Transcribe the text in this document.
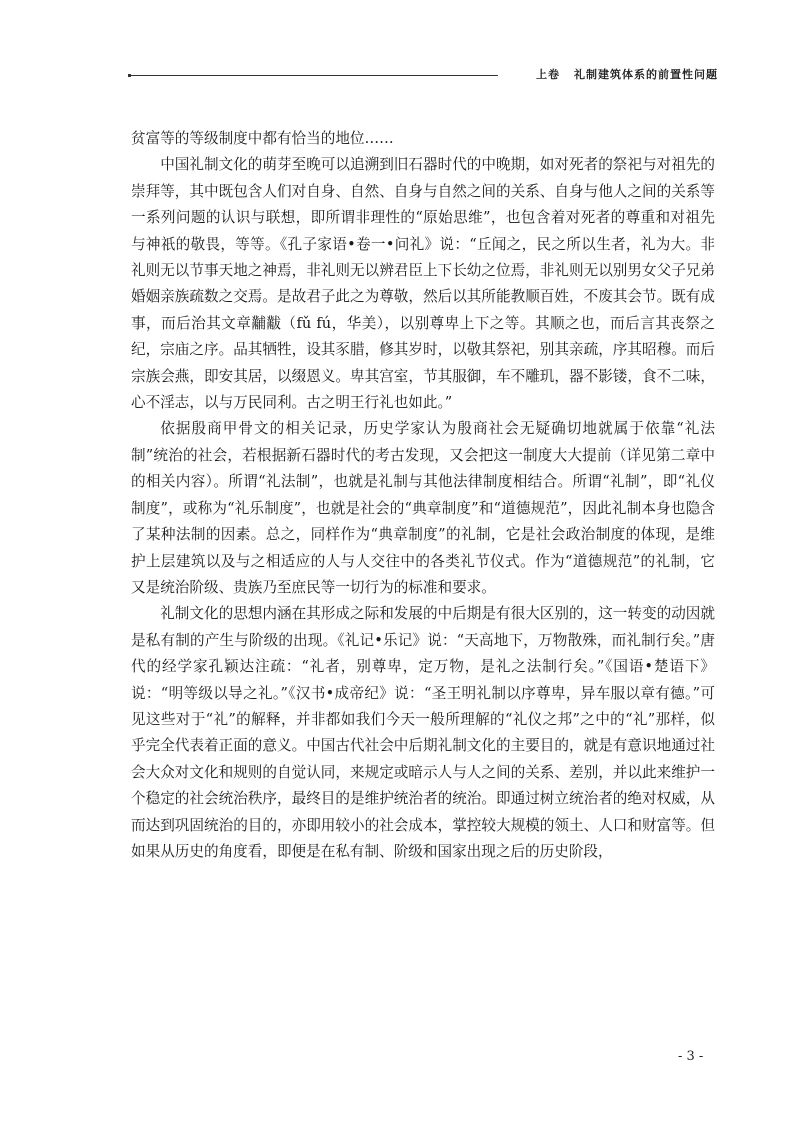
上卷 礼制建筑体系的前置性问题

贫富等的等级制度中都有恰当的地位……

中国礼制文化的萌芽至晚可以追溯到旧石器时代的中晚期，如对死者的祭祀与对祖先的崇拜等，其中既包含人们对自身、自然、自身与自然之间的关系、自身与他人之间的关系等一系列问题的认识与联想，即所谓非理性的“原始思维”，也包含着对死者的尊重和对祖先与神祇的敬畏，等等。《孔子家语•卷一•问礼》说：“丘闻之，民之所以生者，礼为大。非礼则无以节事天地之神焉，非礼则无以辨君臣上下长幼之位焉，非礼则无以别男女父子兄弟婚姻亲族疏数之交焉。是故君子此之为尊敬，然后以其所能教顺百姓，不废其会节。既有成事，而后治其文章黼黻（fǔ fú，华美），以别尊卑上下之等。其顺之也，而后言其丧祭之纪，宗庙之序。品其牺牲，设其豕腊，修其岁时，以敬其祭祀，别其亲疏，序其昭穆。而后宗族会燕，即安其居，以缀恩义。卑其宫室，节其服御，车不雕玑，器不影镂，食不二味，心不淫志，以与万民同利。古之明王行礼也如此。”

依据殷商甲骨文的相关记录，历史学家认为殷商社会无疑确切地就属于依靠“礼法制”统治的社会，若根据新石器时代的考古发现，又会把这一制度大大提前（详见第二章中的相关内容）。所谓“礼法制”，也就是礼制与其他法律制度相结合。所谓“礼制”，即“礼仪制度”，或称为“礼乐制度”，也就是社会的“典章制度”和“道德规范”，因此礼制本身也隐含了某种法制的因素。总之，同样作为“典章制度”的礼制，它是社会政治制度的体现，是维护上层建筑以及与之相适应的人与人交往中的各类礼节仪式。作为“道德规范”的礼制，它又是统治阶级、贵族乃至庶民等一切行为的标准和要求。

礼制文化的思想内涵在其形成之际和发展的中后期是有很大区别的，这一转变的动因就是私有制的产生与阶级的出现。《礼记•乐记》说：“天高地下，万物散殊，而礼制行矣。”唐代的经学家孔颖达注疏：“礼者，别尊卑，定万物，是礼之法制行矣。”《国语•楚语下》说：“明等级以导之礼。”《汉书•成帝纪》说：“圣王明礼制以序尊卑，异车服以章有德。”可见这些对于“礼”的解释，并非都如我们今天一般所理解的“礼仪之邦”之中的“礼”那样，似乎完全代表着正面的意义。中国古代社会中后期礼制文化的主要目的，就是有意识地通过社会大众对文化和规则的自觉认同，来规定或暗示人与人之间的关系、差别，并以此来维护一个稳定的社会统治秩序，最终目的是维护统治者的统治。即通过树立统治者的绝对权威，从而达到巩固统治的目的，亦即用较小的社会成本，掌控较大规模的领土、人口和财富等。但如果从历史的角度看，即便是在私有制、阶级和国家出现之后的历史阶段，

- 3 -
